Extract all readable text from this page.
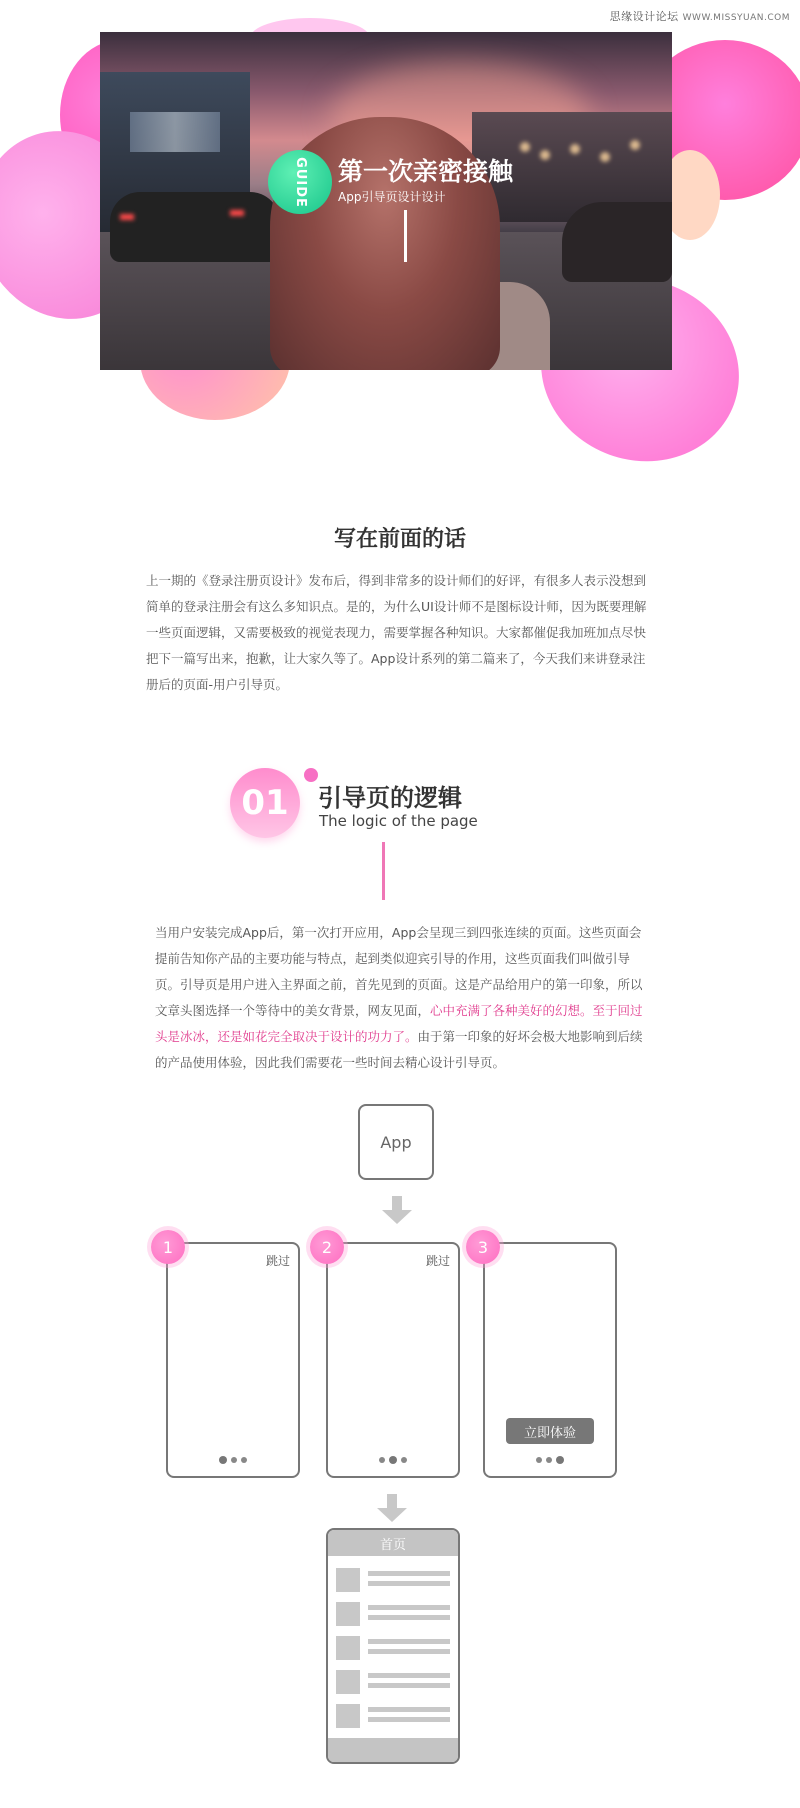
思缘设计论坛 WWW.MISSYUAN.COM
GUIDE 第一次亲密接触
App引导页设计设计
写在前面的话

上一期的《登录注册页设计》发布后，得到非常多的设计师们的好评，有很多人表示没想到简单的登录注册会有这么多知识点。是的，为什么UI设计师不是图标设计师，因为既要理解一些页面逻辑，又需要极致的视觉表现力，需要掌握各种知识。大家都催促我加班加点尽快把下一篇写出来，抱歉，让大家久等了。App设计系列的第二篇来了，今天我们来讲登录注册后的页面-用户引导页。

01	引导页的逻辑
The logic of the page

当用户安装完成App后，第一次打开应用，App会呈现三到四张连续的页面。这些页面会提前告知你产品的主要功能与特点，起到类似迎宾引导的作用，这些页面我们叫做引导页。引导页是用户进入主界面之前，首先见到的页面。这是产品给用户的第一印象，所以文章头图选择一个等待中的美女背景，网友见面，心中充满了各种美好的幻想。至于回过头是冰冰，还是如花完全取决于设计的功力了。由于第一印象的好坏会极大地影响到后续的产品使用体验，因此我们需要花一些时间去精心设计引导页。

App
跳过	跳过
立即体验
1	2	3
首页
